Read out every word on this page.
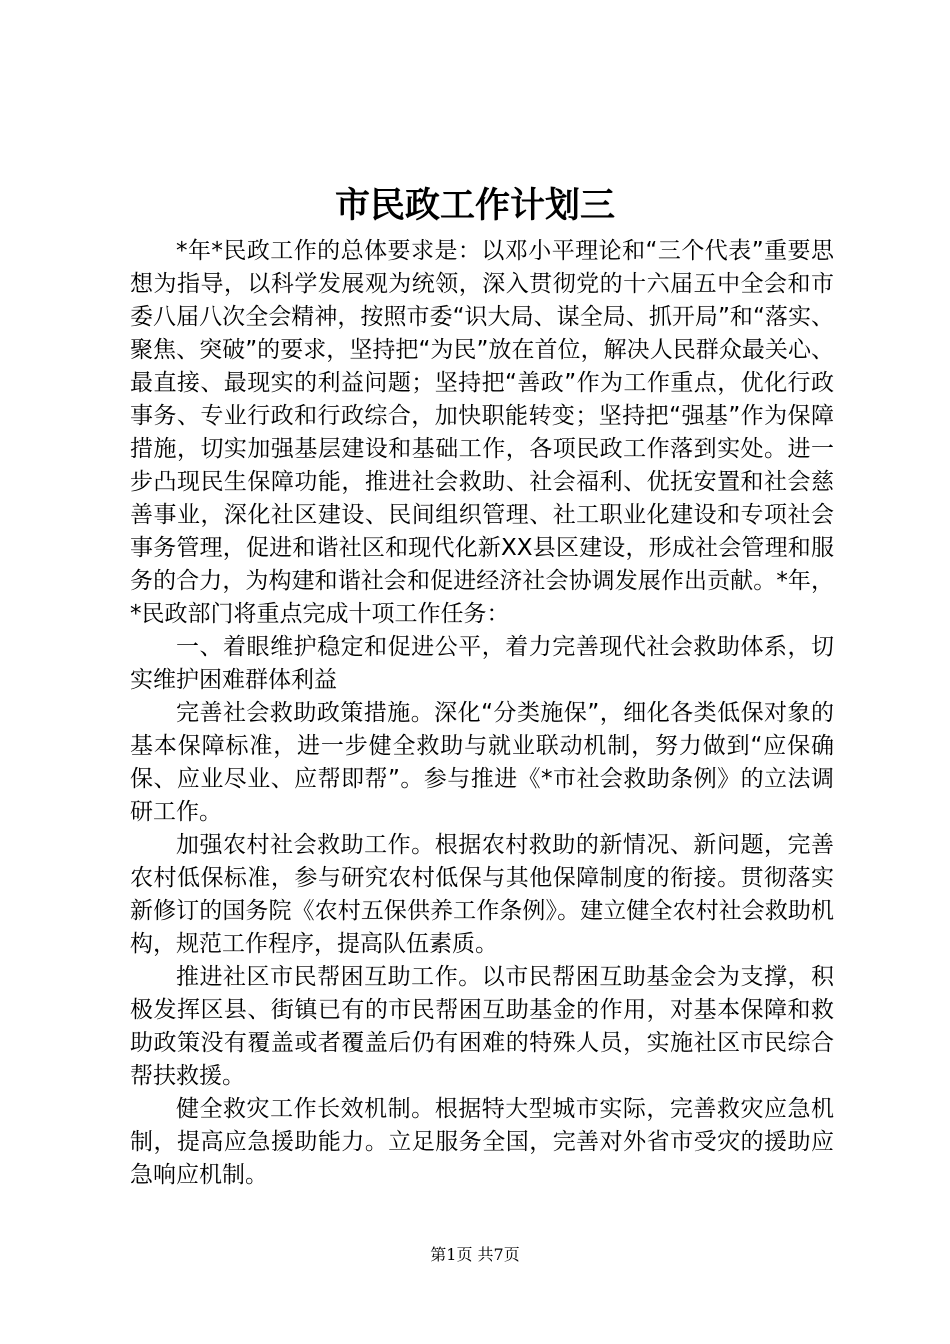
市民政工作计划三

*年*民政工作的总体要求是：以邓小平理论和“三个代表”重要思想为指导，以科学发展观为统领，深入贯彻党的十六届五中全会和市委八届八次全会精神，按照市委“识大局、谋全局、抓开局”和“落实、聚焦、突破”的要求，坚持把“为民”放在首位，解决人民群众最关心、最直接、最现实的利益问题；坚持把“善政”作为工作重点，优化行政事务、专业行政和行政综合，加快职能转变；坚持把“强基”作为保障措施，切实加强基层建设和基础工作，各项民政工作落到实处。进一步凸现民生保障功能，推进社会救助、社会福利、优抚安置和社会慈善事业，深化社区建设、民间组织管理、社工职业化建设和专项社会事务管理，促进和谐社区和现代化新XX县区建设，形成社会管理和服务的合力，为构建和谐社会和促进经济社会协调发展作出贡献。*年，*民政部门将重点完成十项工作任务：

一、着眼维护稳定和促进公平，着力完善现代社会救助体系，切实维护困难群体利益

完善社会救助政策措施。深化“分类施保”，细化各类低保对象的基本保障标准，进一步健全救助与就业联动机制，努力做到“应保确保、应业尽业、应帮即帮”。参与推进《*市社会救助条例》的立法调研工作。

加强农村社会救助工作。根据农村救助的新情况、新问题，完善农村低保标准，参与研究农村低保与其他保障制度的衔接。贯彻落实新修订的国务院《农村五保供养工作条例》。建立健全农村社会救助机构，规范工作程序，提高队伍素质。

推进社区市民帮困互助工作。以市民帮困互助基金会为支撑，积极发挥区县、街镇已有的市民帮困互助基金的作用，对基本保障和救助政策没有覆盖或者覆盖后仍有困难的特殊人员，实施社区市民综合帮扶救援。

健全救灾工作长效机制。根据特大型城市实际，完善救灾应急机制，提高应急援助能力。立足服务全国，完善对外省市受灾的援助应急响应机制。

第1页 共7页
